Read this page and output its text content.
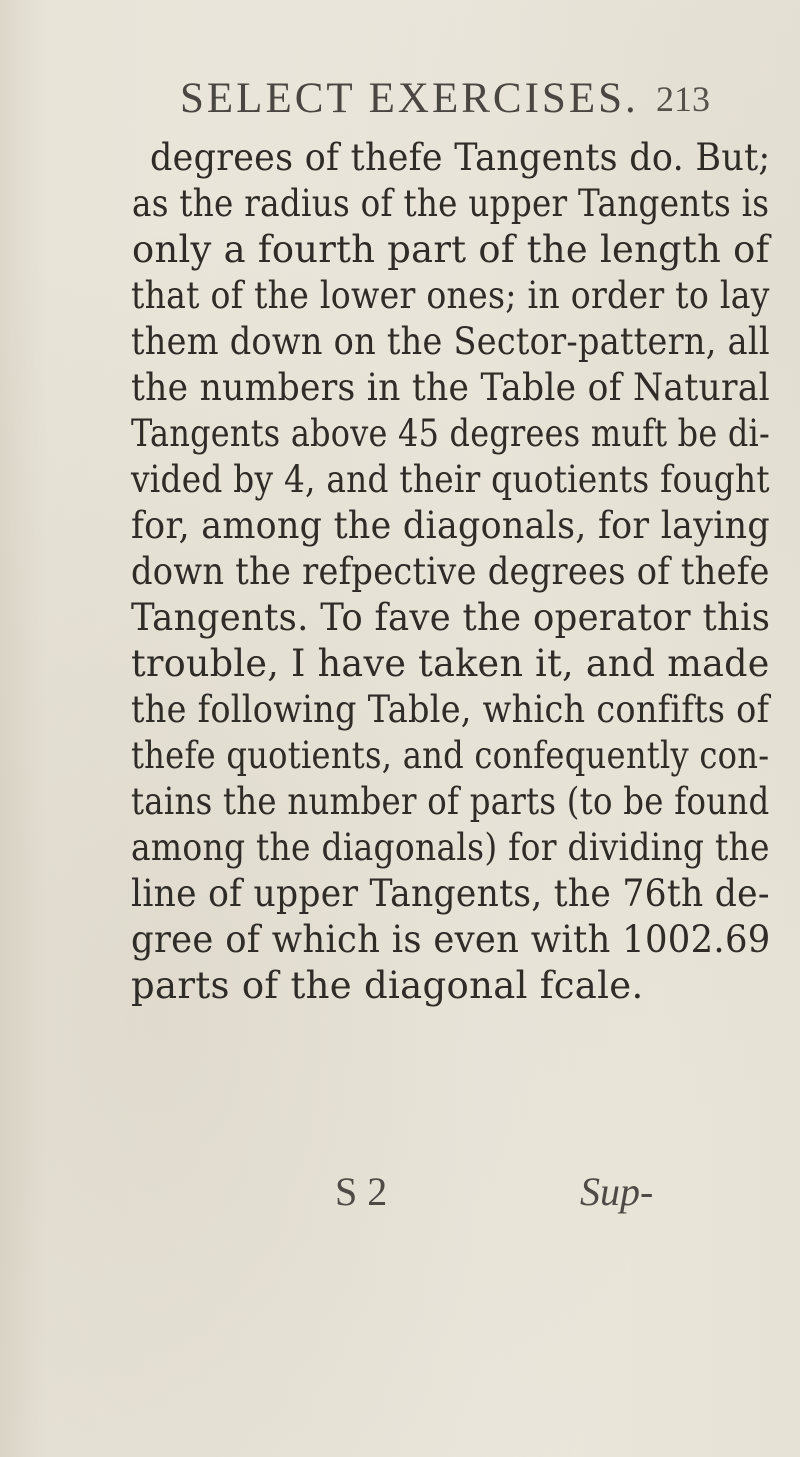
SELECT EXERCISES. 213
degrees of thefe Tangents do. But;
as the radius of the upper Tangents is
only a fourth part of the length of
that of the lower ones; in order to lay
them down on the Sector-pattern, all
the numbers in the Table of Natural
Tangents above 45 degrees muft be di-
vided by 4, and their quotients fought
for, among the diagonals, for laying
down the refpective degrees of thefe
Tangents. To fave the operator this
trouble, I have taken it, and made
the following Table, which confifts of
thefe quotients, and confequently con-
tains the number of parts (to be found
among the diagonals) for dividing the
line of upper Tangents, the 76th de-
gree of which is even with 1002.69
parts of the diagonal fcale.
S 2	Sup-
